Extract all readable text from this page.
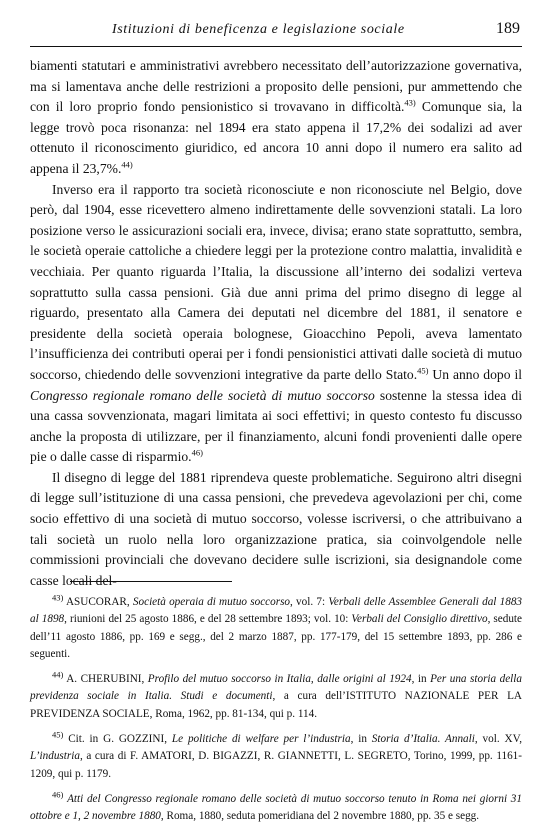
Istituzioni di beneficenza e legislazione sociale	189

biamenti statutari e amministrativi avrebbero necessitato dell’autorizzazione governativa, ma si lamentava anche delle restrizioni a proposito delle pensioni, pur ammettendo che con il loro proprio fondo pensionistico si trovavano in difficoltà.$^{43)}$ Comunque sia, la legge trovò poca risonanza: nel 1894 era stato appena il 17,2% dei sodalizi ad aver ottenuto il riconoscimento giuridico, ed ancora 10 anni dopo il numero era salito ad appena il 23,7%.$^{44)}$

Inverso era il rapporto tra società riconosciute e non riconosciute nel Belgio, dove però, dal 1904, esse ricevettero almeno indirettamente delle sovvenzioni statali. La loro posizione verso le assicurazioni sociali era, invece, divisa; erano state soprattutto, sembra, le società operaie cattoliche a chiedere leggi per la protezione contro malattia, invalidità e vecchiaia. Per quanto riguarda l’Italia, la discussione all’interno dei sodalizi verteva soprattutto sulla cassa pensioni. Già due anni prima del primo disegno di legge al riguardo, presentato alla Camera dei deputati nel dicembre del 1881, il senatore e presidente della società operaia bolognese, Gioacchino Pepoli, aveva lamentato l’insufficienza dei contributi operai per i fondi pensionistici attivati dalle società di mutuo soccorso, chiedendo delle sovvenzioni integrative da parte dello Stato.$^{45)}$ Un anno dopo il Congresso regionale romano delle società di mutuo soccorso sostenne la stessa idea di una cassa sovvenzionata, magari limitata ai soci effettivi; in questo contesto fu discusso anche la proposta di utilizzare, per il finanziamento, alcuni fondi provenienti dalle opere pie o dalle casse di risparmio.$^{46)}$

Il disegno di legge del 1881 riprendeva queste problematiche. Seguirono altri disegni di legge sull’istituzione di una cassa pensioni, che prevedeva agevolazioni per chi, come socio effettivo di una società di mutuo soccorso, volesse iscriversi, o che attribuivano a tali società un ruolo nella loro organizzazione pratica, sia coinvolgendole nelle commissioni provinciali che dovevano decidere sulle iscrizioni, sia designandole come casse locali del-

$^{43)}$ ASUCORAR, Società operaia di mutuo soccorso, vol. 7: Verbali delle Assemblee Generali dal 1883 al 1898, riunioni del 25 agosto 1886, e del 28 settembre 1893; vol. 10: Verbali del Consiglio direttivo, sedute dell’11 agosto 1886, pp. 169 e segg., del 2 marzo 1887, pp. 177-179, del 15 settembre 1893, pp. 286 e seguenti.

$^{44)}$ A. CHERUBINI, Profilo del mutuo soccorso in Italia, dalle origini al 1924, in Per una storia della previdenza sociale in Italia. Studi e documenti, a cura dell’ISTITUTO NAZIONALE PER LA PREVIDENZA SOCIALE, Roma, 1962, pp. 81-134, qui p. 114.

$^{45)}$ Cit. in G. GOZZINI, Le politiche di welfare per l’industria, in Storia d’Italia. Annali, vol. XV, L’industria, a cura di F. AMATORI, D. BIGAZZI, R. GIANNETTI, L. SEGRETO, Torino, 1999, pp. 1161-1209, qui p. 1179.

$^{46)}$ Atti del Congresso regionale romano delle società di mutuo soccorso tenuto in Roma nei giorni 31 ottobre e 1, 2 novembre 1880, Roma, 1880, seduta pomeridiana del 2 novembre 1880, pp. 35 e segg.
